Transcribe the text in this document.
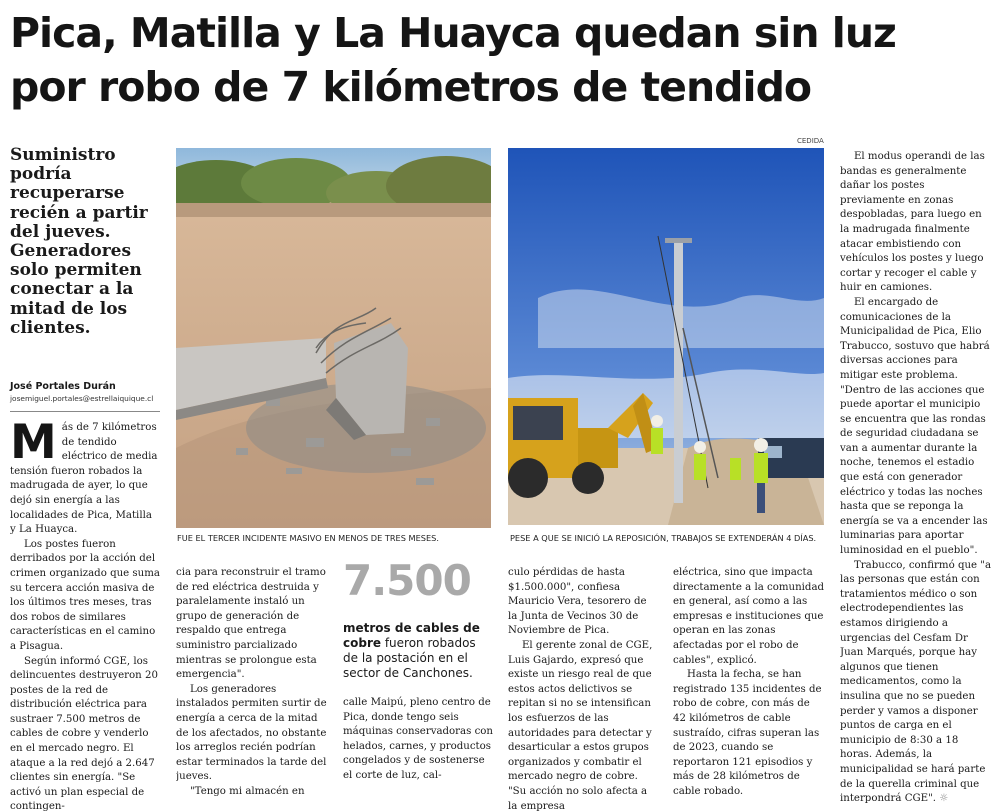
Pica, Matilla y La Huayca quedan sin luz
por robo de 7 kilómetros de tendido
Suministro podría recuperarse recién a partir del jueves. Generadores solo permiten conectar a la mitad de los clientes.
José Portales Durán
josemiguel.portales@estrellaiquique.cl
FUE EL TERCER INCIDENTE MASIVO EN MENOS DE TRES MESES.
CEDIDA
PESE A QUE SE INICIÓ LA REPOSICIÓN, TRABAJOS SE EXTENDERÁN 4 DÍAS.
7.500
metros de cables de cobre fueron robados de la postación en el sector de Canchones.

Más de 7 kilómetros de tendido eléctrico de media tensión fueron robados la madrugada de ayer, lo que dejó sin energía a las localidades de Pica, Matilla y La Huayca.

Los postes fueron derribados por la acción del crimen organizado que suma su tercera acción masiva de los últimos tres meses, tras dos robos de similares características en el camino a Pisagua.

Según informó CGE, los delincuentes destruyeron 20 postes de la red de distribución eléctrica para sustraer 7.500 metros de cables de cobre y venderlo en el mercado negro. El ataque a la red dejó a 2.647 clientes sin energía. "Se activó un plan especial de contingen-

cia para reconstruir el tramo de red eléctrica destruida y paralelamente instaló un grupo de generación de respaldo que entrega suministro parcializado mientras se prolongue esta emergencia".

Los generadores instalados permiten surtir de energía a cerca de la mitad de los afectados, no obstante los arreglos recién podrían estar terminados la tarde del jueves.

"Tengo mi almacén en

calle Maipú, pleno centro de Pica, donde tengo seis máquinas conservadoras con helados, carnes, y productos congelados y de sostenerse el corte de luz, cal-

culo pérdidas de hasta $1.500.000", confiesa Mauricio Vera, tesorero de la Junta de Vecinos 30 de Noviembre de Pica.

El gerente zonal de CGE, Luis Gajardo, expresó que existe un riesgo real de que estos actos delictivos se repitan si no se intensifican los esfuerzos de las autoridades para detectar y desarticular a estos grupos organizados y combatir el mercado negro de cobre. "Su acción no solo afecta a la empresa

eléctrica, sino que impacta directamente a la comunidad en general, así como a las empresas e instituciones que operan en las zonas afectadas por el robo de cables", explicó.

Hasta la fecha, se han registrado 135 incidentes de robo de cobre, con más de 42 kilómetros de cable sustraído, cifras superan las de 2023, cuando se reportaron 121 episodios y más de 28 kilómetros de cable robado.

El modus operandi de las bandas es generalmente dañar los postes previamente en zonas despobladas, para luego en la madrugada finalmente atacar embistiendo con vehículos los postes y luego cortar y recoger el cable y huir en camiones.

El encargado de comunicaciones de la Municipalidad de Pica, Elio Trabucco, sostuvo que habrá diversas acciones para mitigar este problema. "Dentro de las acciones que puede aportar el municipio se encuentra que las rondas de seguridad ciudadana se van a aumentar durante la noche, tenemos el estadio que está con generador eléctrico y todas las noches hasta que se reponga la energía se va a encender las luminarias para aportar luminosidad en el pueblo".

Trabucco, confirmó que "a las personas que están con tratamientos médico o son electrodependientes las estamos dirigiendo a urgencias del Cesfam Dr Juan Marqués, porque hay algunos que tienen medicamentos, como la insulina que no se pueden perder y vamos a disponer puntos de carga en el municipio de 8:30 a 18 horas. Además, la municipalidad se hará parte de la querella criminal que interpondrá CGE". ☼
